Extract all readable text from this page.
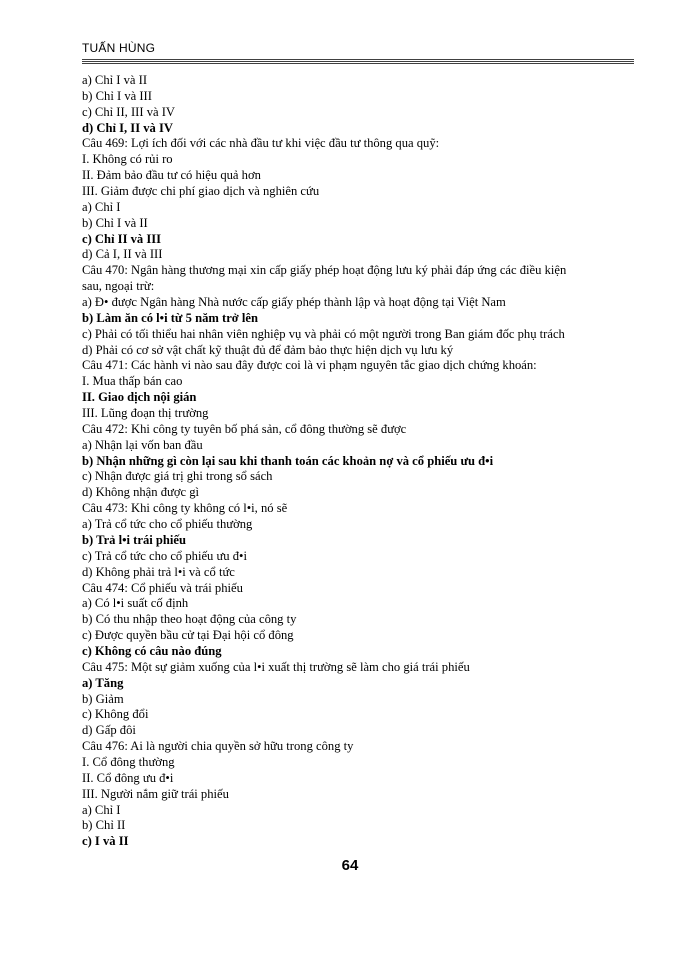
TUẤN HÙNG
a) Chỉ I và II
b) Chỉ I và III
c) Chỉ II, III và IV
d) Chỉ I, II và IV
Câu 469: Lợi ích đối với các nhà đầu tư khi việc đầu tư thông qua quỹ:
I. Không có rủi ro
II. Đảm bảo đầu tư có hiệu quả hơn
III. Giảm được chi phí giao dịch và nghiên cứu
a) Chỉ I
b) Chỉ I và II
c) Chỉ II và III
d) Cả I, II và III
Câu 470: Ngân hàng thương mại xin cấp giấy phép hoạt động lưu ký phải đáp ứng các điều kiện
sau, ngoại trừ:
a) Đ• được Ngân hàng Nhà nước cấp giấy phép thành lập và hoạt động tại Việt Nam
b) Làm ăn có l•i từ 5 năm trở lên
c) Phải có tối thiểu hai nhân viên nghiệp vụ và phải có một người trong Ban giám đốc phụ trách
d) Phải có cơ sở vật chất kỹ thuật đủ để đảm bảo thực hiện dịch vụ lưu ký
Câu 471: Các hành vi nào sau đây được coi là vi phạm nguyên tắc giao dịch chứng khoán:
I. Mua thấp bán cao
II. Giao dịch nội gián
III. Lũng đoạn thị trường
Câu 472: Khi công ty tuyên bố phá sản, cổ đông thường sẽ được
a) Nhận lại vốn ban đầu
b) Nhận những gì còn lại sau khi thanh toán các khoản nợ và cổ phiếu ưu đ•i
c) Nhận được giá trị ghi trong sổ sách
d) Không nhận được gì
Câu 473: Khi công ty không có l•i, nó sẽ
a) Trả cổ tức cho cổ phiếu thường
b) Trả l•i trái phiếu
c) Trả cổ tức cho cổ phiếu ưu đ•i
d) Không phải trả l•i và cổ tức
Câu 474: Cổ phiếu và trái phiếu
a) Có l•i suất cố định
b) Có thu nhập theo hoạt động của công ty
c) Được quyền bầu cử tại Đại hội cổ đông
c) Không có câu nào đúng
Câu 475: Một sự giảm xuống của l•i xuất thị trường sẽ làm cho giá trái phiếu
a) Tăng
b) Giảm
c) Không đổi
d) Gấp đôi
Câu 476: Ai là người chia quyền sở hữu trong công ty
I. Cổ đông thường
II. Cổ đông ưu đ•i
III. Người nắm giữ trái phiếu
a) Chỉ I
b) Chỉ II
c) I và II
64
